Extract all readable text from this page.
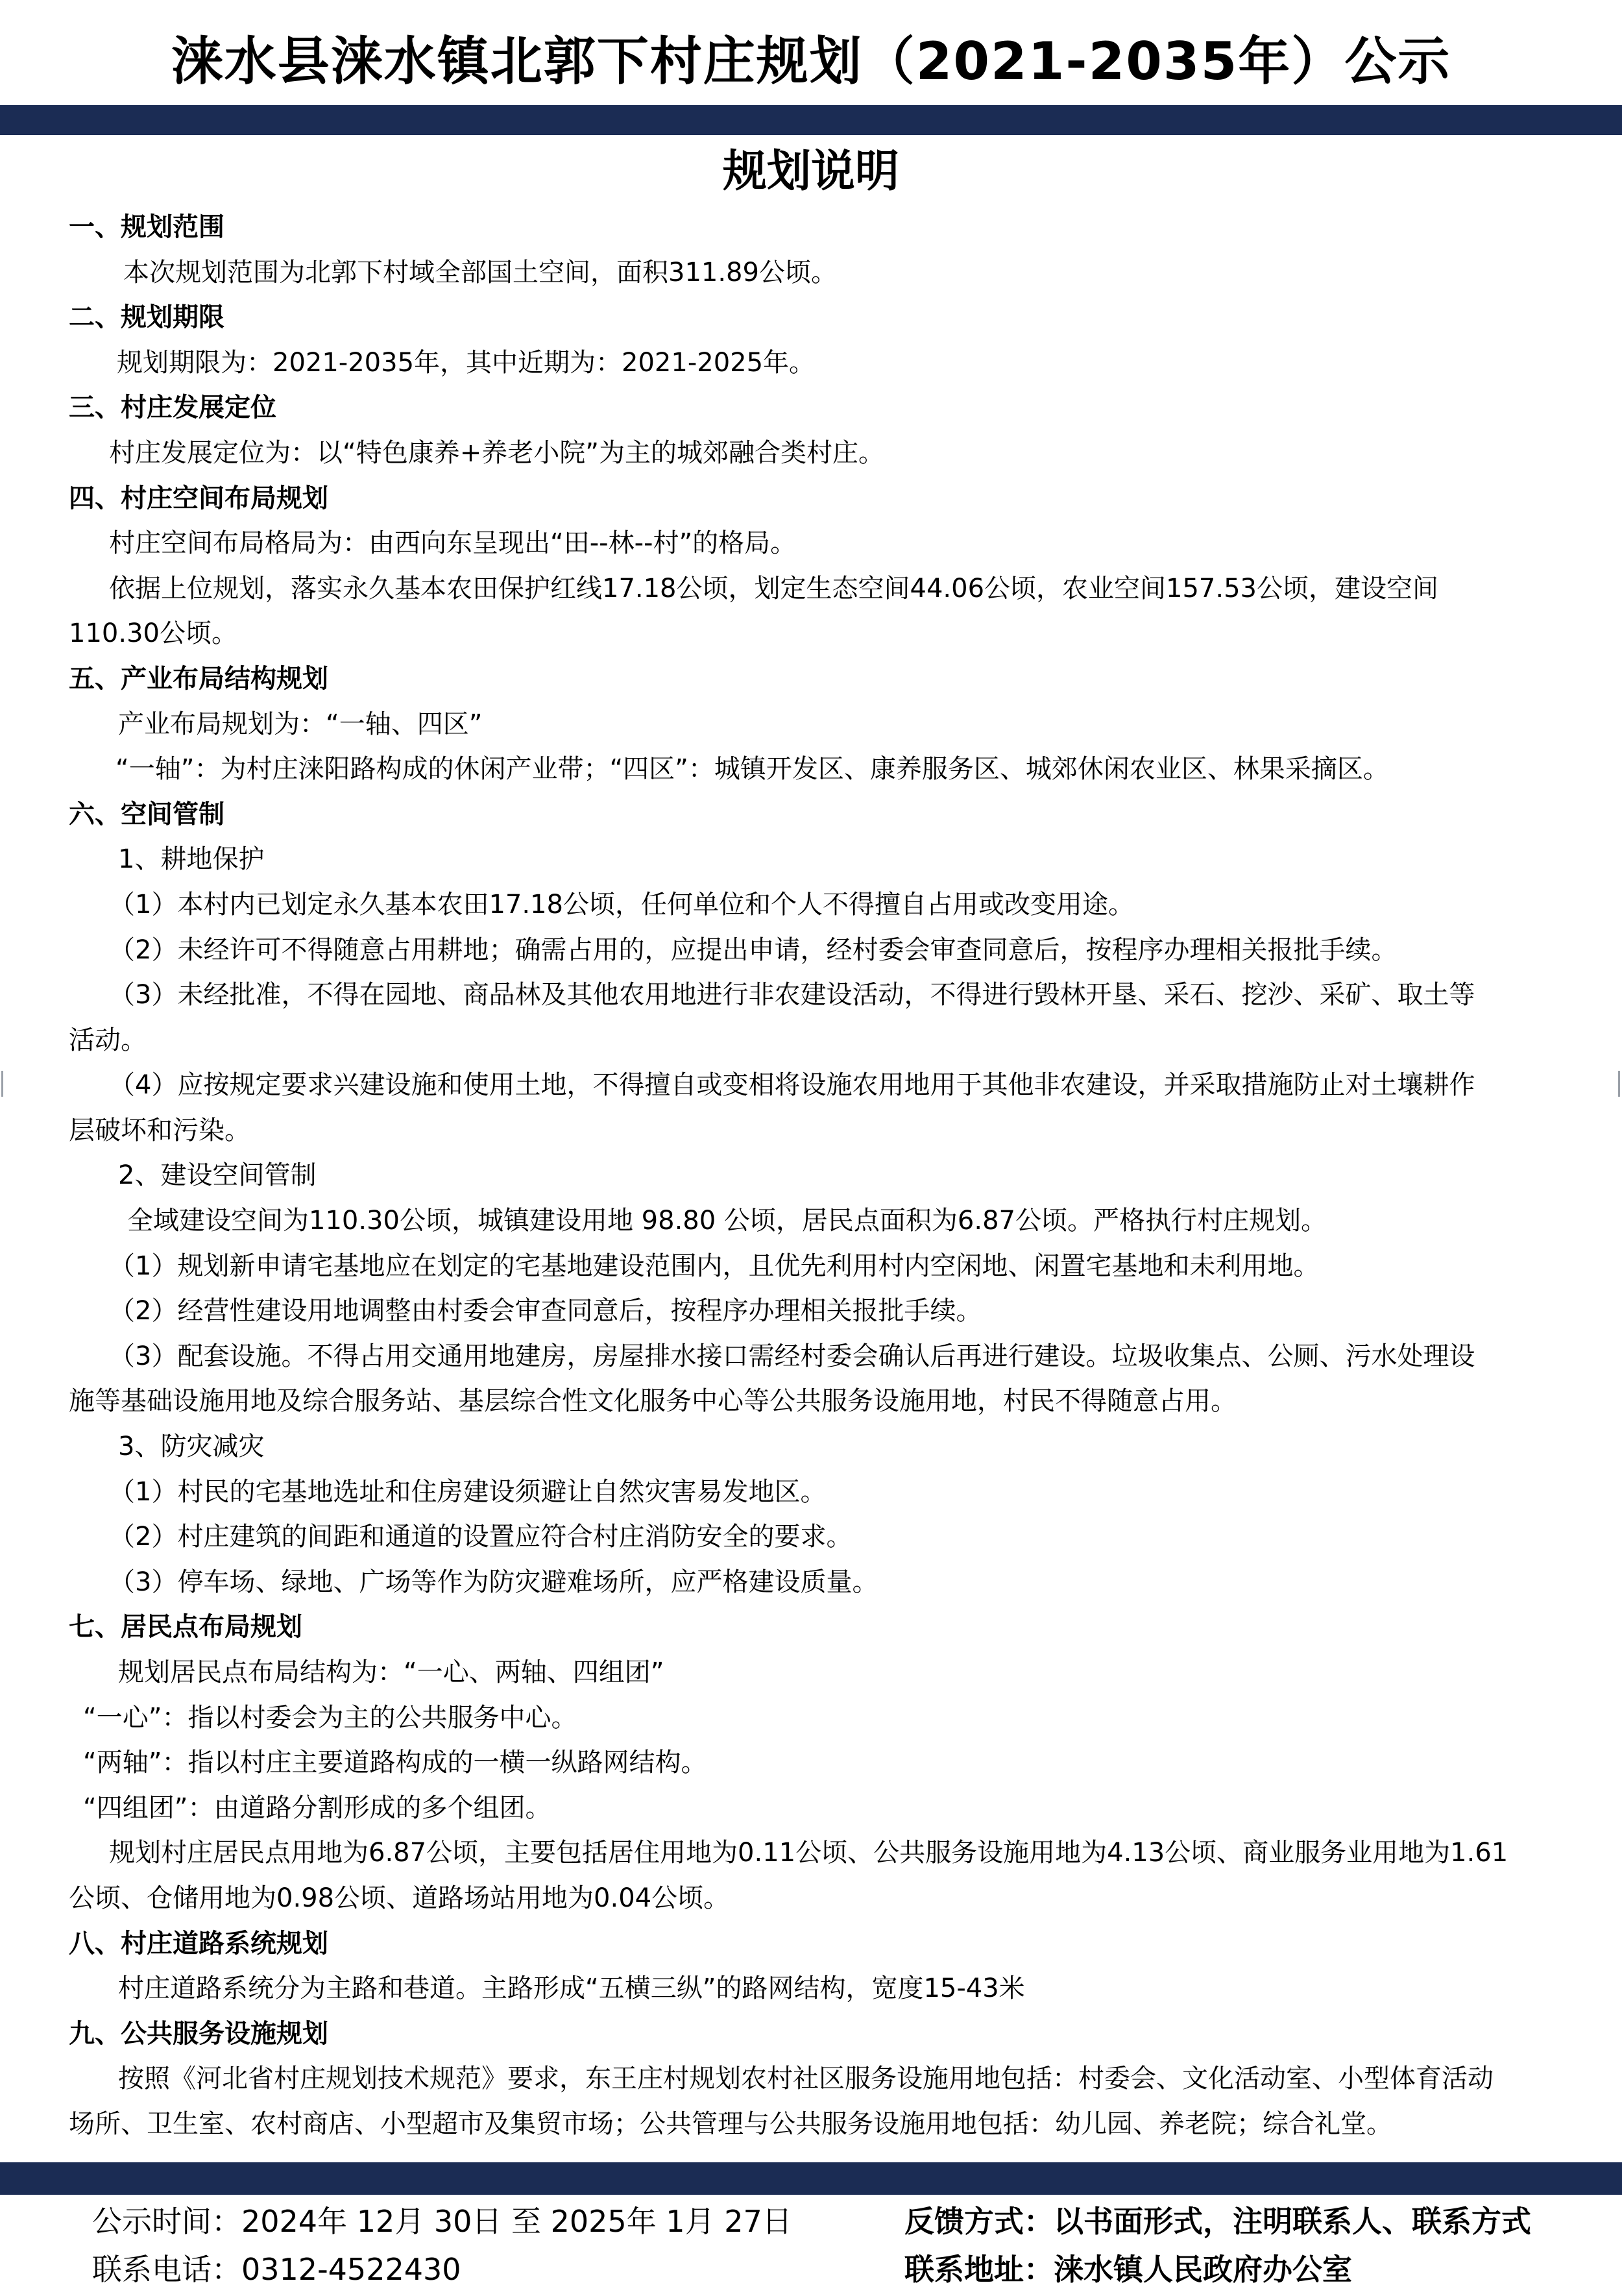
涞水县涞水镇北郭下村庄规划（2021-2035年）公示
规划说明
一、规划范围
本次规划范围为北郭下村域全部国土空间，面积311.89公顷。
二、规划期限
规划期限为：2021-2035年，其中近期为：2021-2025年。
三、村庄发展定位
村庄发展定位为：以“特色康养+养老小院”为主的城郊融合类村庄。
四、村庄空间布局规划
村庄空间布局格局为：由西向东呈现出“田--林--村”的格局。
依据上位规划，落实永久基本农田保护红线17.18公顷，划定生态空间44.06公顷，农业空间157.53公顷，建设空间
110.30公顷。
五、产业布局结构规划
产业布局规划为：“一轴、四区”
“一轴”：为村庄涞阳路构成的休闲产业带；“四区”：城镇开发区、康养服务区、城郊休闲农业区、林果采摘区。
六、空间管制
1、耕地保护
（1）本村内已划定永久基本农田17.18公顷，任何单位和个人不得擅自占用或改变用途。
（2）未经许可不得随意占用耕地；确需占用的，应提出申请，经村委会审查同意后，按程序办理相关报批手续。
（3）未经批准，不得在园地、商品林及其他农用地进行非农建设活动，不得进行毁林开垦、采石、挖沙、采矿、取土等
活动。
（4）应按规定要求兴建设施和使用土地，不得擅自或变相将设施农用地用于其他非农建设，并采取措施防止对土壤耕作
层破坏和污染。
2、建设空间管制
全域建设空间为110.30公顷，城镇建设用地 98.80 公顷，居民点面积为6.87公顷。严格执行村庄规划。
（1）规划新申请宅基地应在划定的宅基地建设范围内，且优先利用村内空闲地、闲置宅基地和未利用地。
（2）经营性建设用地调整由村委会审查同意后，按程序办理相关报批手续。
（3）配套设施。不得占用交通用地建房，房屋排水接口需经村委会确认后再进行建设。垃圾收集点、公厕、污水处理设
施等基础设施用地及综合服务站、基层综合性文化服务中心等公共服务设施用地，村民不得随意占用。
3、防灾减灾
（1）村民的宅基地选址和住房建设须避让自然灾害易发地区。
（2）村庄建筑的间距和通道的设置应符合村庄消防安全的要求。
（3）停车场、绿地、广场等作为防灾避难场所，应严格建设质量。
七、居民点布局规划
规划居民点布局结构为：“一心、两轴、四组团”
“一心”：指以村委会为主的公共服务中心。
“两轴”：指以村庄主要道路构成的一横一纵路网结构。
“四组团”：由道路分割形成的多个组团。
规划村庄居民点用地为6.87公顷，主要包括居住用地为0.11公顷、公共服务设施用地为4.13公顷、商业服务业用地为1.61
公顷、仓储用地为0.98公顷、道路场站用地为0.04公顷。
八、村庄道路系统规划
村庄道路系统分为主路和巷道。主路形成“五横三纵”的路网结构，宽度15-43米
九、公共服务设施规划
按照《河北省村庄规划技术规范》要求，东王庄村规划农村社区服务设施用地包括：村委会、文化活动室、小型体育活动
场所、卫生室、农村商店、小型超市及集贸市场；公共管理与公共服务设施用地包括：幼儿园、养老院；综合礼堂。
公示时间：2024年 12月 30日 至 2025年 1月 27日
联系电话：0312-4522430
反馈方式：以书面形式，注明联系人、联系方式
联系地址：涞水镇人民政府办公室
